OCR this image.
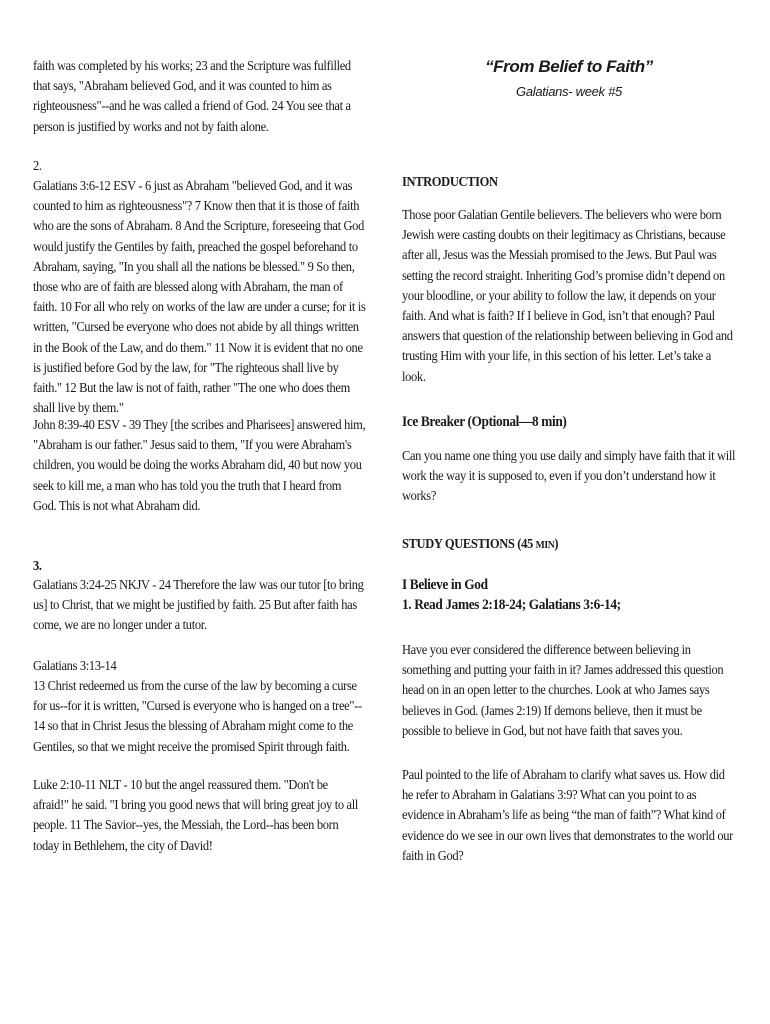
faith was completed by his works; 23 and the Scripture was fulfilled that says, "Abraham believed God, and it was counted to him as righteousness"--and he was called a friend of God. 24 You see that a person is justified by works and not by faith alone.

2.

Galatians 3:6-12 ESV - 6 just as Abraham "believed God, and it was counted to him as righteousness"? 7 Know then that it is those of faith who are the sons of Abraham. 8 And the Scripture, foreseeing that God would justify the Gentiles by faith, preached the gospel beforehand to Abraham, saying, "In you shall all the nations be blessed." 9 So then, those who are of faith are blessed along with Abraham, the man of faith. 10 For all who rely on works of the law are under a curse; for it is written, "Cursed be everyone who does not abide by all things written in the Book of the Law, and do them." 11 Now it is evident that no one is justified before God by the law, for "The righteous shall live by faith." 12 But the law is not of faith, rather "The one who does them shall live by them."

John 8:39-40 ESV - 39 They [the scribes and Pharisees] answered him, "Abraham is our father." Jesus said to them, "If you were Abraham's children, you would be doing the works Abraham did, 40 but now you seek to kill me, a man who has told you the truth that I heard from God. This is not what Abraham did.

3.

Galatians 3:24-25 NKJV - 24 Therefore the law was our tutor [to bring us] to Christ, that we might be justified by faith. 25 But after faith has come, we are no longer under a tutor.

Galatians 3:13-14

13 Christ redeemed us from the curse of the law by becoming a curse for us--for it is written, "Cursed is everyone who is hanged on a tree"-- 14 so that in Christ Jesus the blessing of Abraham might come to the Gentiles, so that we might receive the promised Spirit through faith.

Luke 2:10-11 NLT - 10 but the angel reassured them. "Don't be afraid!" he said. "I bring you good news that will bring great joy to all people. 11 The Savior--yes, the Messiah, the Lord--has been born today in Bethlehem, the city of David!

“From Belief to Faith”
Galatians- week #5

INTRODUCTION

Those poor Galatian Gentile believers. The believers who were born Jewish were casting doubts on their legitimacy as Christians, because after all, Jesus was the Messiah promised to the Jews. But Paul was setting the record straight. Inheriting God’s promise didn’t depend on your bloodline, or your ability to follow the law, it depends on your faith. And what is faith? If I believe in God, isn’t that enough? Paul answers that question of the relationship between believing in God and trusting Him with your life, in this section of his letter. Let’s take a look.

Ice Breaker (Optional—8 min)

Can you name one thing you use daily and simply have faith that it will work the way it is supposed to, even if you don’t understand how it works?

STUDY QUESTIONS (45 MIN)

I Believe in God

1. Read James 2:18-24; Galatians 3:6-14;

Have you ever considered the difference between believing in something and putting your faith in it? James addressed this question head on in an open letter to the churches. Look at who James says believes in God. (James 2:19) If demons believe, then it must be possible to believe in God, but not have faith that saves you.

Paul pointed to the life of Abraham to clarify what saves us. How did he refer to Abraham in Galatians 3:9? What can you point to as evidence in Abraham’s life as being “the man of faith”? What kind of evidence do we see in our own lives that demonstrates to the world our faith in God?
